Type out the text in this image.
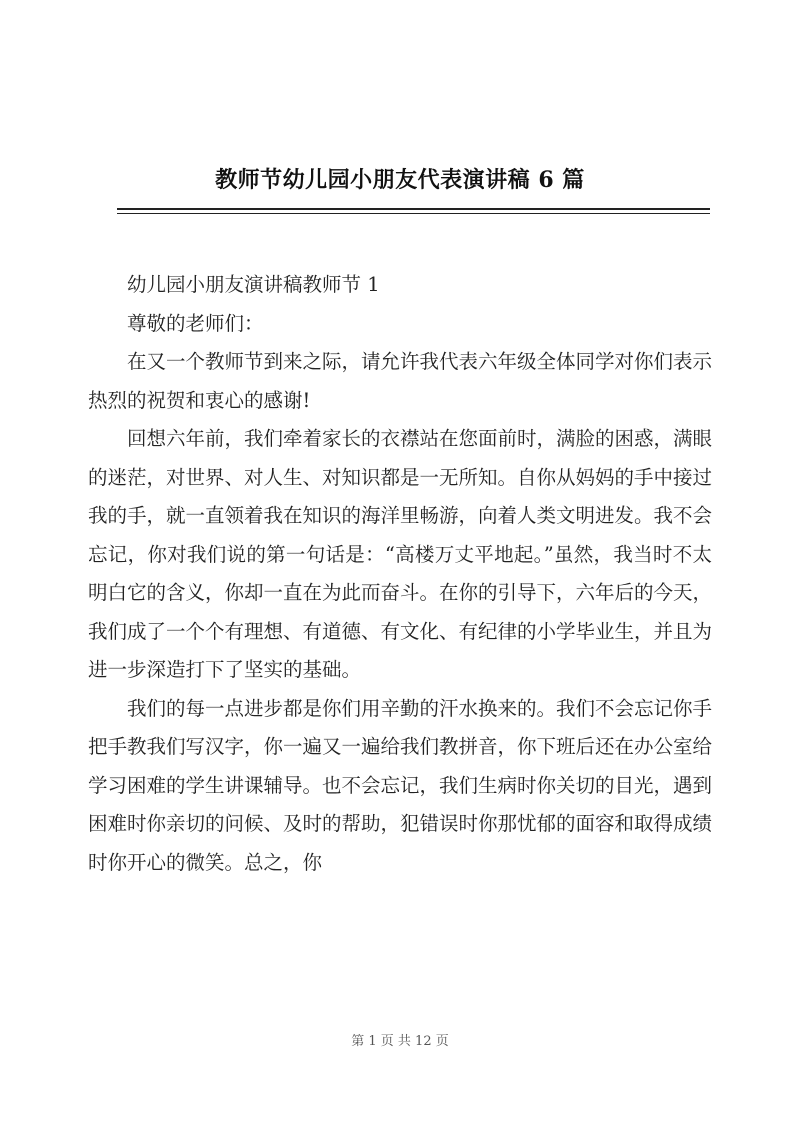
教师节幼儿园小朋友代表演讲稿 6 篇

幼儿园小朋友演讲稿教师节 1

尊敬的老师们：

在又一个教师节到来之际，请允许我代表六年级全体同学对你们表示热烈的祝贺和衷心的感谢!

回想六年前，我们牵着家长的衣襟站在您面前时，满脸的困惑，满眼的迷茫，对世界、对人生、对知识都是一无所知。自你从妈妈的手中接过我的手，就一直领着我在知识的海洋里畅游，向着人类文明进发。我不会忘记，你对我们说的第一句话是：“高楼万丈平地起。”虽然，我当时不太明白它的含义，你却一直在为此而奋斗。在你的引导下，六年后的今天，我们成了一个个有理想、有道德、有文化、有纪律的小学毕业生，并且为进一步深造打下了坚实的基础。

我们的每一点进步都是你们用辛勤的汗水换来的。我们不会忘记你手把手教我们写汉字，你一遍又一遍给我们教拼音，你下班后还在办公室给学习困难的学生讲课辅导。也不会忘记，我们生病时你关切的目光，遇到困难时你亲切的问候、及时的帮助，犯错误时你那忧郁的面容和取得成绩时你开心的微笑。总之，你

第 1 页 共 12 页
